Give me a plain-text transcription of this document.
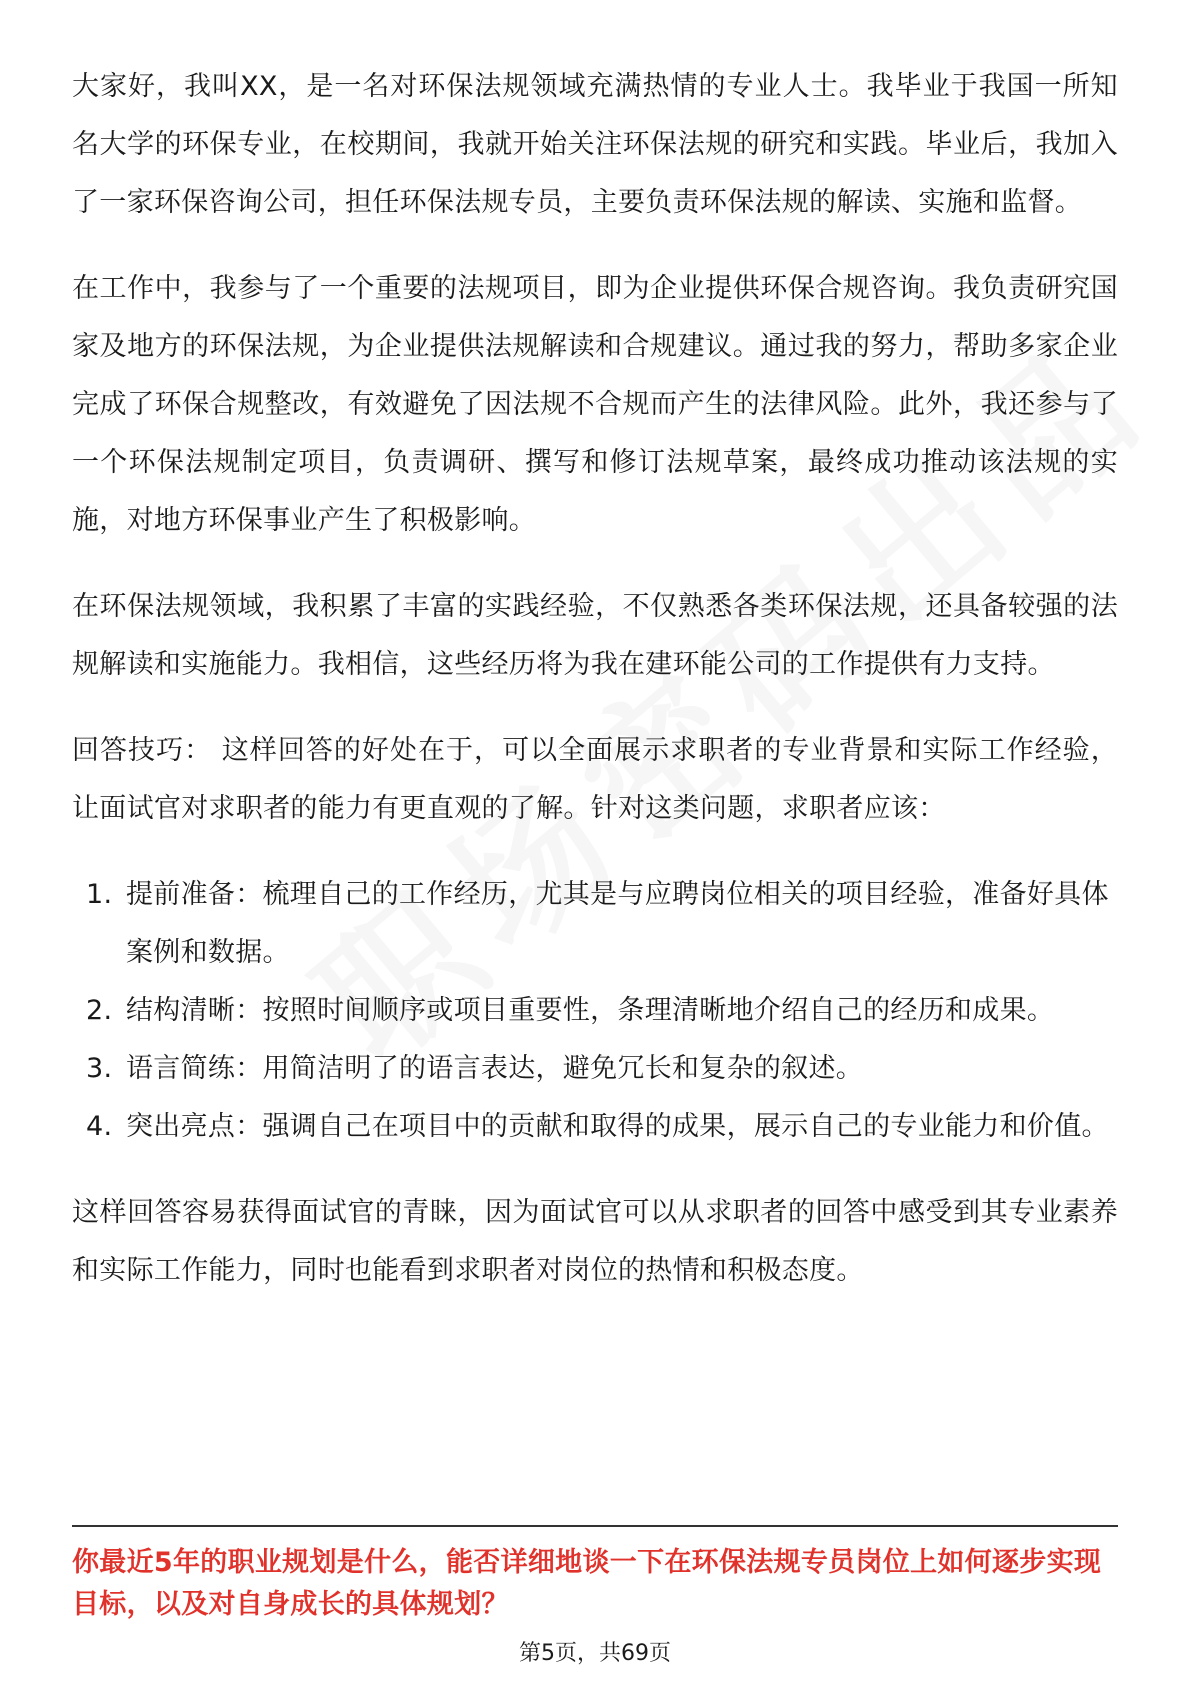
大家好，我叫XX，是一名对环保法规领域充满热情的专业人士。我毕业于我国一所知名大学的环保专业，在校期间，我就开始关注环保法规的研究和实践。毕业后，我加入了一家环保咨询公司，担任环保法规专员，主要负责环保法规的解读、实施和监督。

在工作中，我参与了一个重要的法规项目，即为企业提供环保合规咨询。我负责研究国家及地方的环保法规，为企业提供法规解读和合规建议。通过我的努力，帮助多家企业完成了环保合规整改，有效避免了因法规不合规而产生的法律风险。此外，我还参与了一个环保法规制定项目，负责调研、撰写和修订法规草案，最终成功推动该法规的实施，对地方环保事业产生了积极影响。

在环保法规领域，我积累了丰富的实践经验，不仅熟悉各类环保法规，还具备较强的法规解读和实施能力。我相信，这些经历将为我在建环能公司的工作提供有力支持。

回答技巧： 这样回答的好处在于，可以全面展示求职者的专业背景和实际工作经验，让面试官对求职者的能力有更直观的了解。针对这类问题，求职者应该：

1. 提前准备：梳理自己的工作经历，尤其是与应聘岗位相关的项目经验，准备好具体案例和数据。
2. 结构清晰：按照时间顺序或项目重要性，条理清晰地介绍自己的经历和成果。
3. 语言简练：用简洁明了的语言表达，避免冗长和复杂的叙述。
4. 突出亮点：强调自己在项目中的贡献和取得的成果，展示自己的专业能力和价值。

这样回答容易获得面试官的青睐，因为面试官可以从求职者的回答中感受到其专业素养和实际工作能力，同时也能看到求职者对岗位的热情和积极态度。

你最近5年的职业规划是什么，能否详细地谈一下在环保法规专员岗位上如何逐步实现目标，以及对自身成长的具体规划？
第5页，共69页
